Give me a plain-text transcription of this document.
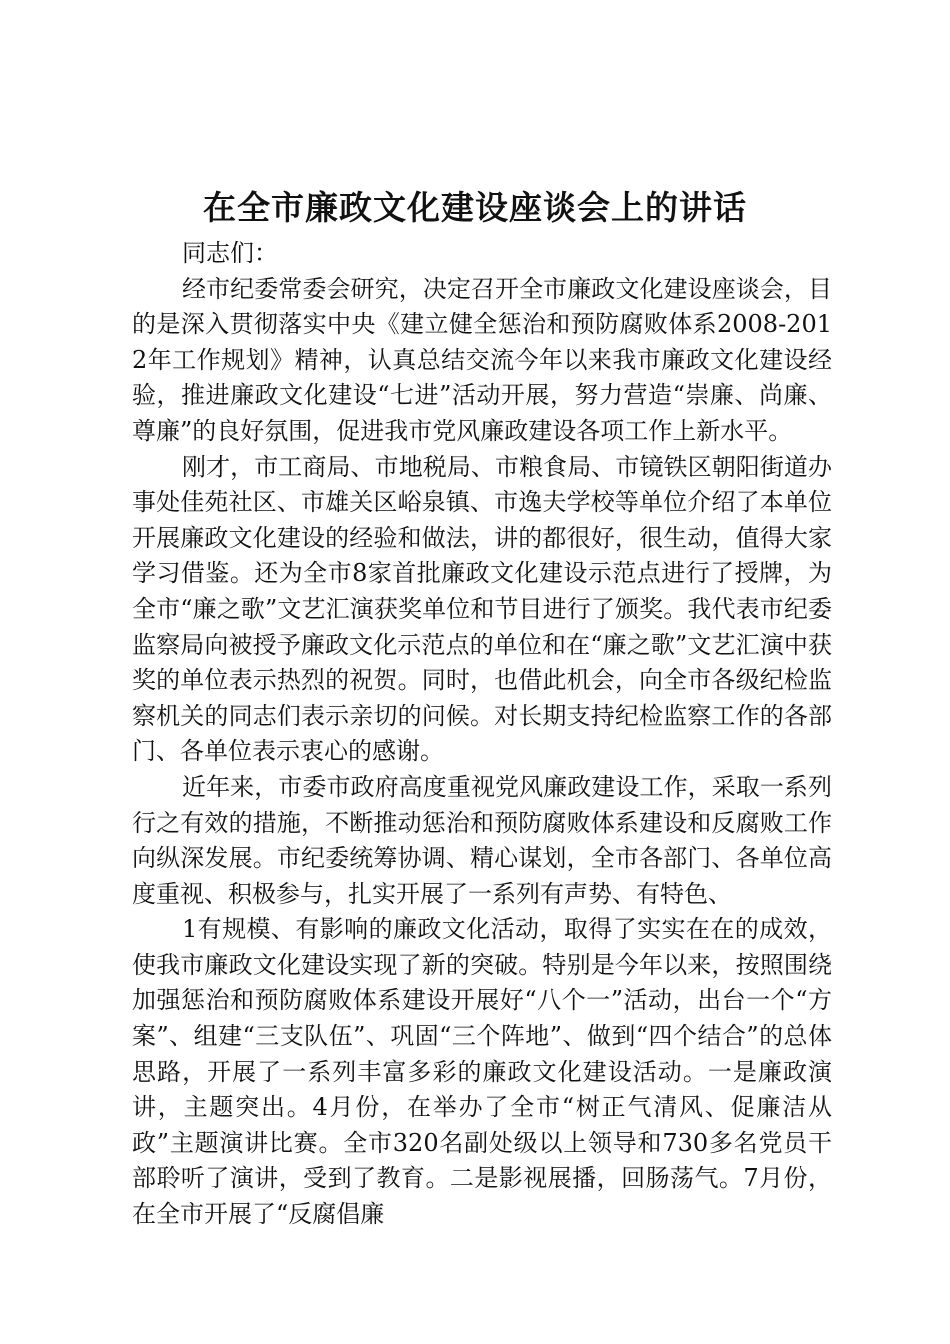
在全市廉政文化建设座谈会上的讲话

同志们：

经市纪委常委会研究，决定召开全市廉政文化建设座谈会，目的是深入贯彻落实中央《建立健全惩治和预防腐败体系2008-2012年工作规划》精神，认真总结交流今年以来我市廉政文化建设经验，推进廉政文化建设“七进”活动开展，努力营造“崇廉、尚廉、尊廉”的良好氛围，促进我市党风廉政建设各项工作上新水平。

刚才，市工商局、市地税局、市粮食局、市镜铁区朝阳街道办事处佳苑社区、市雄关区峪泉镇、市逸夫学校等单位介绍了本单位开展廉政文化建设的经验和做法，讲的都很好，很生动，值得大家学习借鉴。还为全市8家首批廉政文化建设示范点进行了授牌，为全市“廉之歌”文艺汇演获奖单位和节目进行了颁奖。我代表市纪委监察局向被授予廉政文化示范点的单位和在“廉之歌”文艺汇演中获奖的单位表示热烈的祝贺。同时，也借此机会，向全市各级纪检监察机关的同志们表示亲切的问候。对长期支持纪检监察工作的各部门、各单位表示衷心的感谢。

近年来，市委市政府高度重视党风廉政建设工作，采取一系列行之有效的措施，不断推动惩治和预防腐败体系建设和反腐败工作向纵深发展。市纪委统筹协调、精心谋划，全市各部门、各单位高度重视、积极参与，扎实开展了一系列有声势、有特色、

1有规模、有影响的廉政文化活动，取得了实实在在的成效，使我市廉政文化建设实现了新的突破。特别是今年以来，按照围绕加强惩治和预防腐败体系建设开展好“八个一”活动，出台一个“方案”、组建“三支队伍”、巩固“三个阵地”、做到“四个结合”的总体思路，开展了一系列丰富多彩的廉政文化建设活动。一是廉政演讲，主题突出。4月份，在举办了全市“树正气清风、促廉洁从政”主题演讲比赛。全市320名副处级以上领导和730多名党员干部聆听了演讲，受到了教育。二是影视展播，回肠荡气。7月份，在全市开展了“反腐倡廉
